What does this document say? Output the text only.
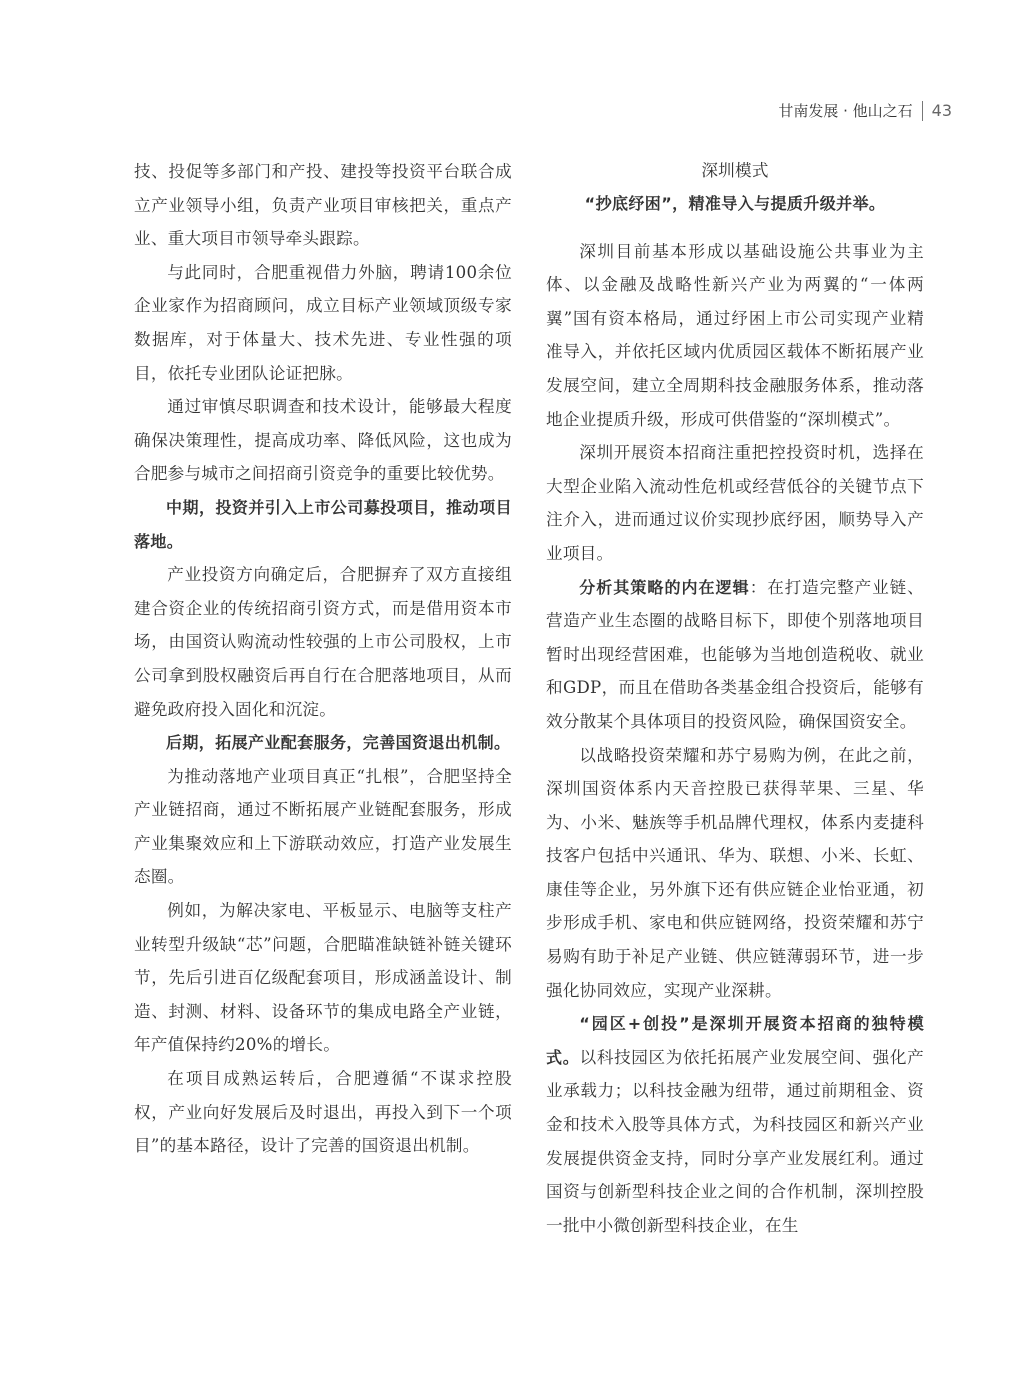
甘南发展 · 他山之石 43

技、投促等多部门和产投、建投等投资平台联合成立产业领导小组，负责产业项目审核把关，重点产业、重大项目市领导牵头跟踪。

与此同时，合肥重视借力外脑，聘请100余位企业家作为招商顾问，成立目标产业领域顶级专家数据库，对于体量大、技术先进、专业性强的项目，依托专业团队论证把脉。

通过审慎尽职调查和技术设计，能够最大程度确保决策理性，提高成功率、降低风险，这也成为合肥参与城市之间招商引资竞争的重要比较优势。

中期，投资并引入上市公司募投项目，推动项目落地。

产业投资方向确定后，合肥摒弃了双方直接组建合资企业的传统招商引资方式，而是借用资本市场，由国资认购流动性较强的上市公司股权，上市公司拿到股权融资后再自行在合肥落地项目，从而避免政府投入固化和沉淀。

后期，拓展产业配套服务，完善国资退出机制。

为推动落地产业项目真正“扎根”，合肥坚持全产业链招商，通过不断拓展产业链配套服务，形成产业集聚效应和上下游联动效应，打造产业发展生态圈。

例如，为解决家电、平板显示、电脑等支柱产业转型升级缺“芯”问题，合肥瞄准缺链补链关键环节，先后引进百亿级配套项目，形成涵盖设计、制造、封测、材料、设备环节的集成电路全产业链，年产值保持约20%的增长。

在项目成熟运转后，合肥遵循“不谋求控股权，产业向好发展后及时退出，再投入到下一个项目”的基本路径，设计了完善的国资退出机制。

深圳模式

“抄底纾困”，精准导入与提质升级并举。

深圳目前基本形成以基础设施公共事业为主体、以金融及战略性新兴产业为两翼的“一体两翼”国有资本格局，通过纾困上市公司实现产业精准导入，并依托区域内优质园区载体不断拓展产业发展空间，建立全周期科技金融服务体系，推动落地企业提质升级，形成可供借鉴的“深圳模式”。

深圳开展资本招商注重把控投资时机，选择在大型企业陷入流动性危机或经营低谷的关键节点下注介入，进而通过议价实现抄底纾困，顺势导入产业项目。

分析其策略的内在逻辑：在打造完整产业链、营造产业生态圈的战略目标下，即使个别落地项目暂时出现经营困难，也能够为当地创造税收、就业和GDP，而且在借助各类基金组合投资后，能够有效分散某个具体项目的投资风险，确保国资安全。

以战略投资荣耀和苏宁易购为例，在此之前，深圳国资体系内天音控股已获得苹果、三星、华为、小米、魅族等手机品牌代理权，体系内麦捷科技客户包括中兴通讯、华为、联想、小米、长虹、康佳等企业，另外旗下还有供应链企业怡亚通，初步形成手机、家电和供应链网络，投资荣耀和苏宁易购有助于补足产业链、供应链薄弱环节，进一步强化协同效应，实现产业深耕。

“园区+创投”是深圳开展资本招商的独特模式。以科技园区为依托拓展产业发展空间、强化产业承载力；以科技金融为纽带，通过前期租金、资金和技术入股等具体方式，为科技园区和新兴产业发展提供资金支持，同时分享产业发展红利。通过国资与创新型科技企业之间的合作机制，深圳控股一批中小微创新型科技企业，在生
